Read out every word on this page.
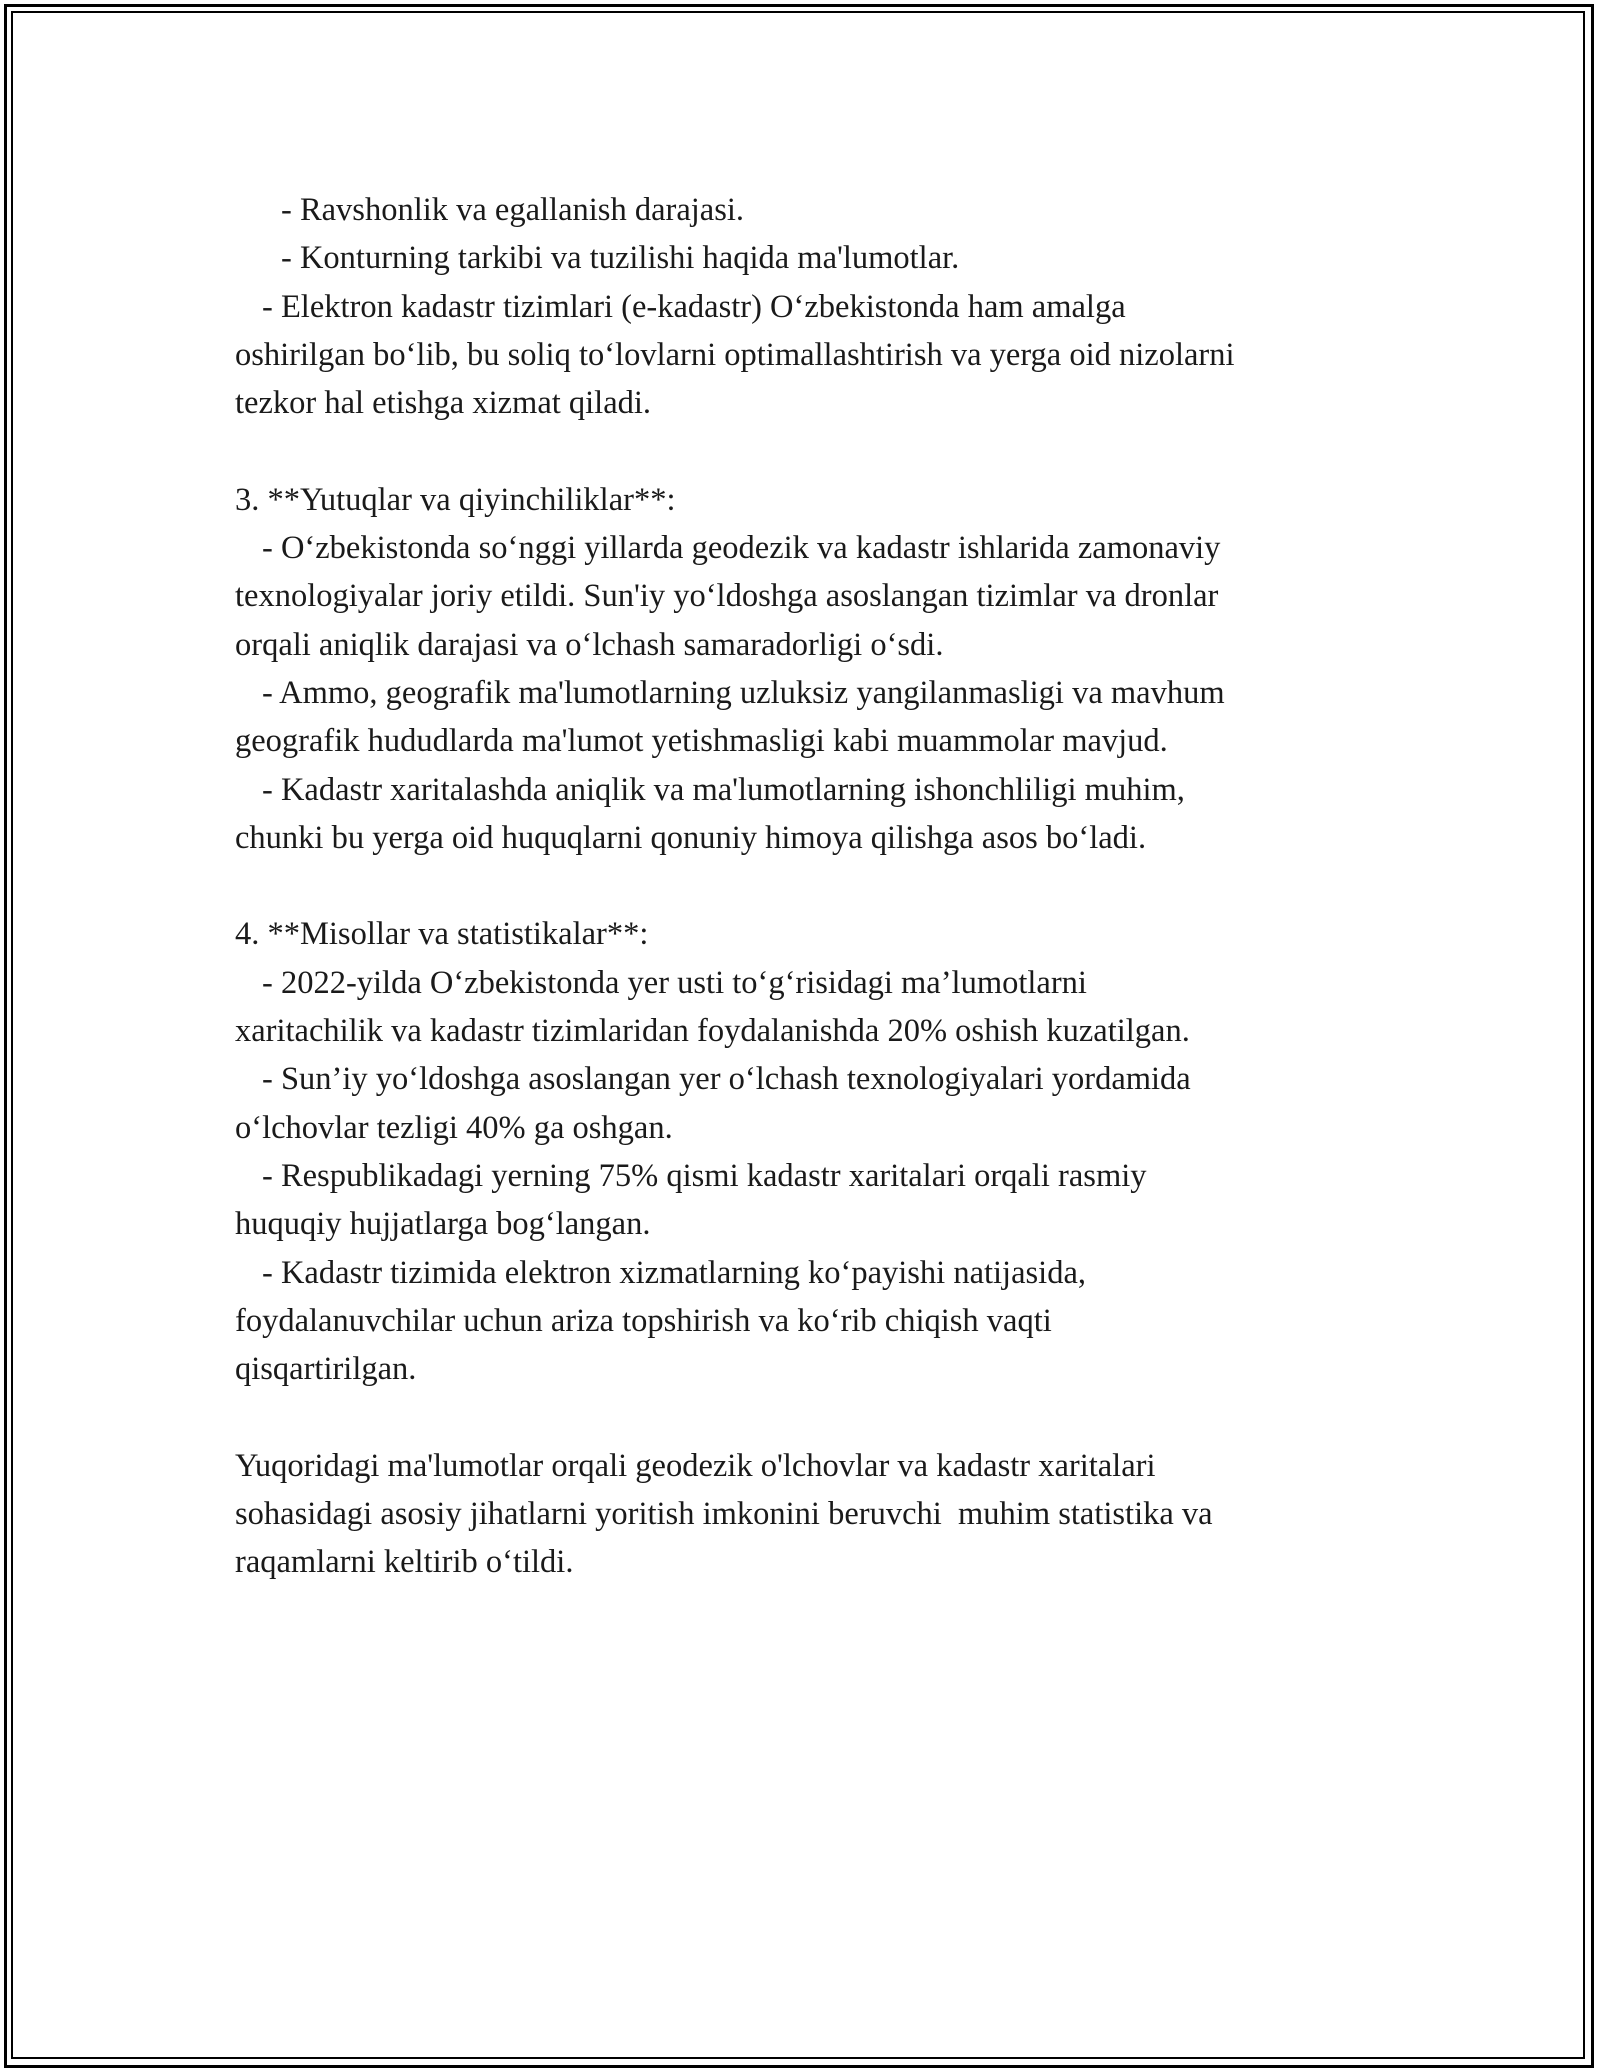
- Ravshonlik va egallanish darajasi.
- Konturning tarkibi va tuzilishi haqida ma'lumotlar.
- Elektron kadastr tizimlari (e-kadastr) O‘zbekistonda ham amalga
oshirilgan bo‘lib, bu soliq to‘lovlarni optimallashtirish va yerga oid nizolarni
tezkor hal etishga xizmat qiladi.
3. **Yutuqlar va qiyinchiliklar**:
- O‘zbekistonda so‘nggi yillarda geodezik va kadastr ishlarida zamonaviy
texnologiyalar joriy etildi. Sun'iy yo‘ldoshga asoslangan tizimlar va dronlar
orqali aniqlik darajasi va o‘lchash samaradorligi o‘sdi.
- Ammo, geografik ma'lumotlarning uzluksiz yangilanmasligi va mavhum
geografik hududlarda ma'lumot yetishmasligi kabi muammolar mavjud.
- Kadastr xaritalashda aniqlik va ma'lumotlarning ishonchliligi muhim,
chunki bu yerga oid huquqlarni qonuniy himoya qilishga asos bo‘ladi.
4. **Misollar va statistikalar**:
- 2022-yilda O‘zbekistonda yer usti to‘g‘risidagi ma’lumotlarni
xaritachilik va kadastr tizimlaridan foydalanishda 20% oshish kuzatilgan.
- Sun’iy yo‘ldoshga asoslangan yer o‘lchash texnologiyalari yordamida
o‘lchovlar tezligi 40% ga oshgan.
- Respublikadagi yerning 75% qismi kadastr xaritalari orqali rasmiy
huquqiy hujjatlarga bog‘langan.
- Kadastr tizimida elektron xizmatlarning ko‘payishi natijasida,
foydalanuvchilar uchun ariza topshirish va ko‘rib chiqish vaqti
qisqartirilgan.
Yuqoridagi ma'lumotlar orqali geodezik o'lchovlar va kadastr xaritalari
sohasidagi asosiy jihatlarni yoritish imkonini beruvchi  muhim statistika va
raqamlarni keltirib o‘tildi.
